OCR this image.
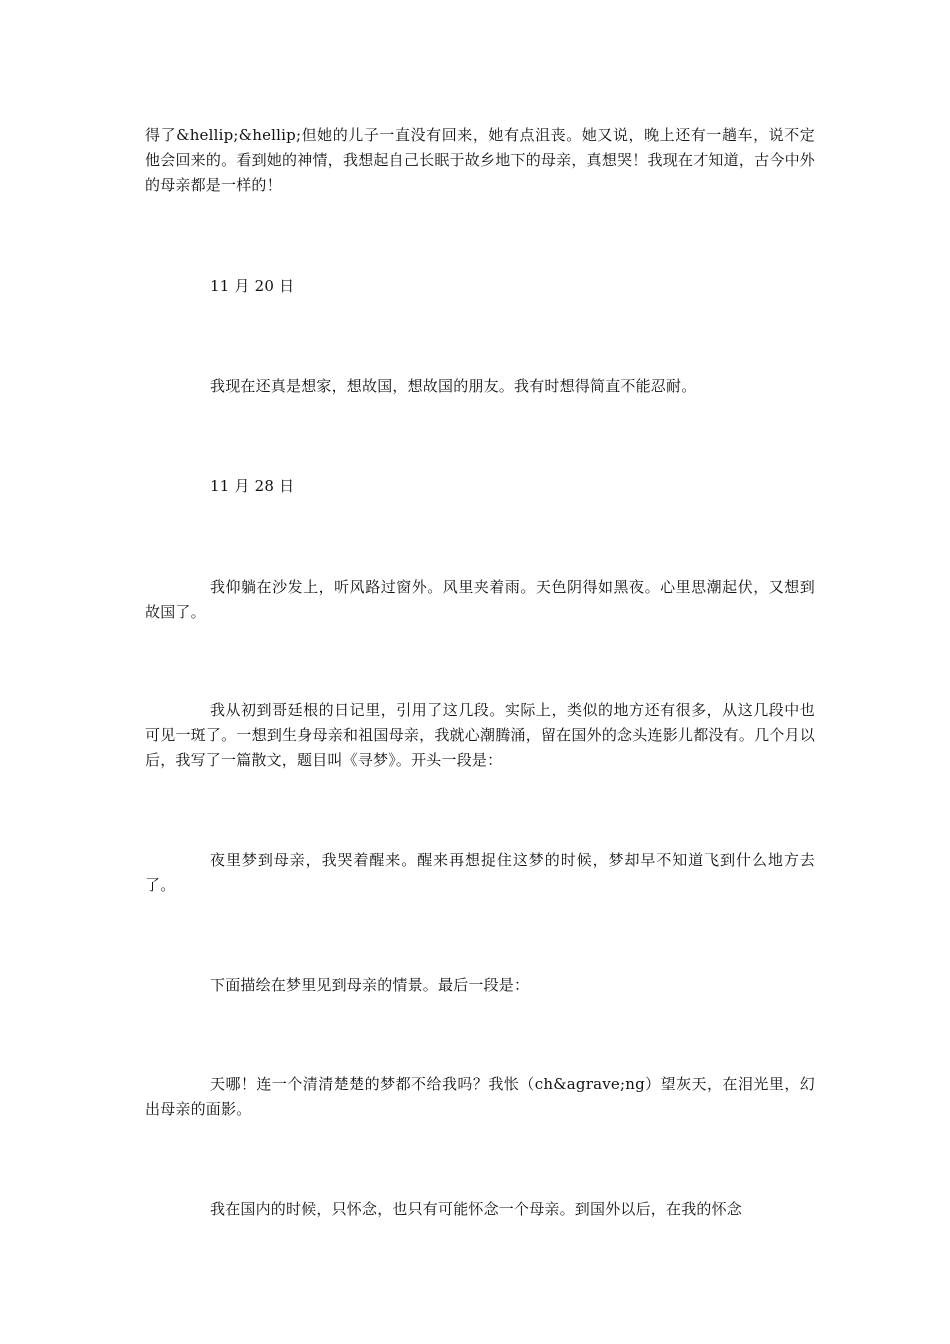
得了&hellip;&hellip;但她的儿子一直没有回来，她有点沮丧。她又说，晚上还有一趟车，说不定他会回来的。看到她的神情，我想起自己长眠于故乡地下的母亲，真想哭！我现在才知道，古今中外的母亲都是一样的！

11 月 20 日

我现在还真是想家，想故国，想故国的朋友。我有时想得简直不能忍耐。

11 月 28 日

我仰躺在沙发上，听风路过窗外。风里夹着雨。天色阴得如黑夜。心里思潮起伏，又想到故国了。

我从初到哥廷根的日记里，引用了这几段。实际上，类似的地方还有很多，从这几段中也可见一斑了。一想到生身母亲和祖国母亲，我就心潮腾涌，留在国外的念头连影儿都没有。几个月以后，我写了一篇散文，题目叫《寻梦》。开头一段是：

夜里梦到母亲，我哭着醒来。醒来再想捉住这梦的时候，梦却早不知道飞到什么地方去了。

下面描绘在梦里见到母亲的情景。最后一段是：

天哪！连一个清清楚楚的梦都不给我吗？我怅（ch&agrave;ng）望灰天，在泪光里，幻出母亲的面影。

我在国内的时候，只怀念，也只有可能怀念一个母亲。到国外以后，在我的怀念
